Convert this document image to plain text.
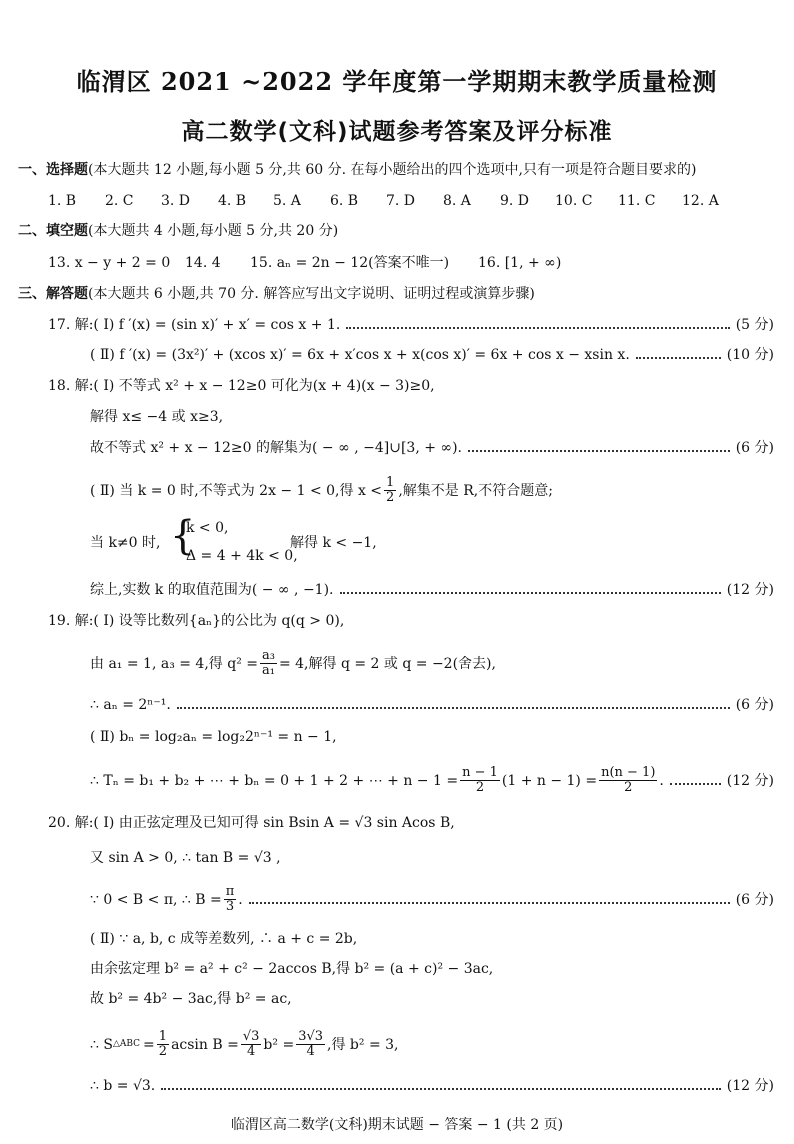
临渭区 2021 ~2022 学年度第一学期期末教学质量检测
高二数学(文科)试题参考答案及评分标准
一、选择题(本大题共 12 小题,每小题 5 分,共 60 分. 在每小题给出的四个选项中,只有一项是符合题目要求的)
1. B 2. C 3. D 4. B 5. A 6. B 7. D 8. A 9. D 10. C 11. C 12. A
二、填空题(本大题共 4 小题,每小题 5 分,共 20 分)
13. x − y + 2 = 0 14. 4 15. aₙ = 2n − 12(答案不唯一) 16. [1, + ∞)
三、解答题(本大题共 6 小题,共 70 分. 解答应写出文字说明、证明过程或演算步骤)
17. 解:( Ⅰ) f ′(x) = (sin x)′ + x′ = cos x + 1.	(5 分)
( Ⅱ) f ′(x) = (3x²)′ + (xcos x)′ = 6x + x′cos x + x(cos x)′ = 6x + cos x − xsin x.	(10 分)
18. 解:( Ⅰ) 不等式 x² + x − 12≥0 可化为(x + 4)(x − 3)≥0,
解得 x≤ −4 或 x≥3,
故不等式 x² + x − 12≥0 的解集为( − ∞ , −4]∪[3, + ∞).	(6 分)
( Ⅱ) 当 k = 0 时,不等式为 2x − 1 < 0,得 $x < \frac{1}{2}$ ,解集不是 R,不符合题意;
当 k≠0 时, {
k < 0,
Δ = 4 + 4k < 0,
解得 k < −1,
综上,实数 k 的取值范围为( − ∞ , −1).	(12 分)
19. 解:( Ⅰ) 设等比数列{aₙ}的公比为 q(q > 0),
由 a₁ = 1, a₃ = 4,得 $q^2 = \frac{\text{a₃}}{\text{a₁}} = 4$,解得 q = 2 或 q = −2(舍去),
∴ aₙ = 2ⁿ⁻¹.	(6 分)
( Ⅱ) bₙ = log₂aₙ = log₂2ⁿ⁻¹ = n − 1,
∴ Tₙ = b₁ + b₂ + ⋯ + bₙ = 0 + 1 + 2 + ⋯ + $n - 1 = \frac{n - 1}{2} (1 + n - 1) = \frac{n(n - 1)}{2}$ .	(12 分)
20. 解:( Ⅰ) 由正弦定理及已知可得 sin Bsin A = √3 sin Acos B,
又 sin A > 0, ∴ tan B = √3 ,
∵ 0 < B < π, ∴ $B = \frac{\pi}{3}$ .	(6 分)
( Ⅱ) ∵ a, b, c 成等差数列, ∴ a + c = 2b,
由余弦定理 b² = a² + c² − 2accos B,得 b² = (a + c)² − 3ac,
故 b² = 4b² − 3ac,得 b² = ac,
∴ S △ABC = $\frac{1}{2}$ acsin $B = \frac{√3}{4} b^2 = \frac{3√3}{4}$ ,得 b² = 3,
∴ b = √3.	(12 分)
临渭区高二数学(文科)期末试题 − 答案 − 1 (共 2 页)
